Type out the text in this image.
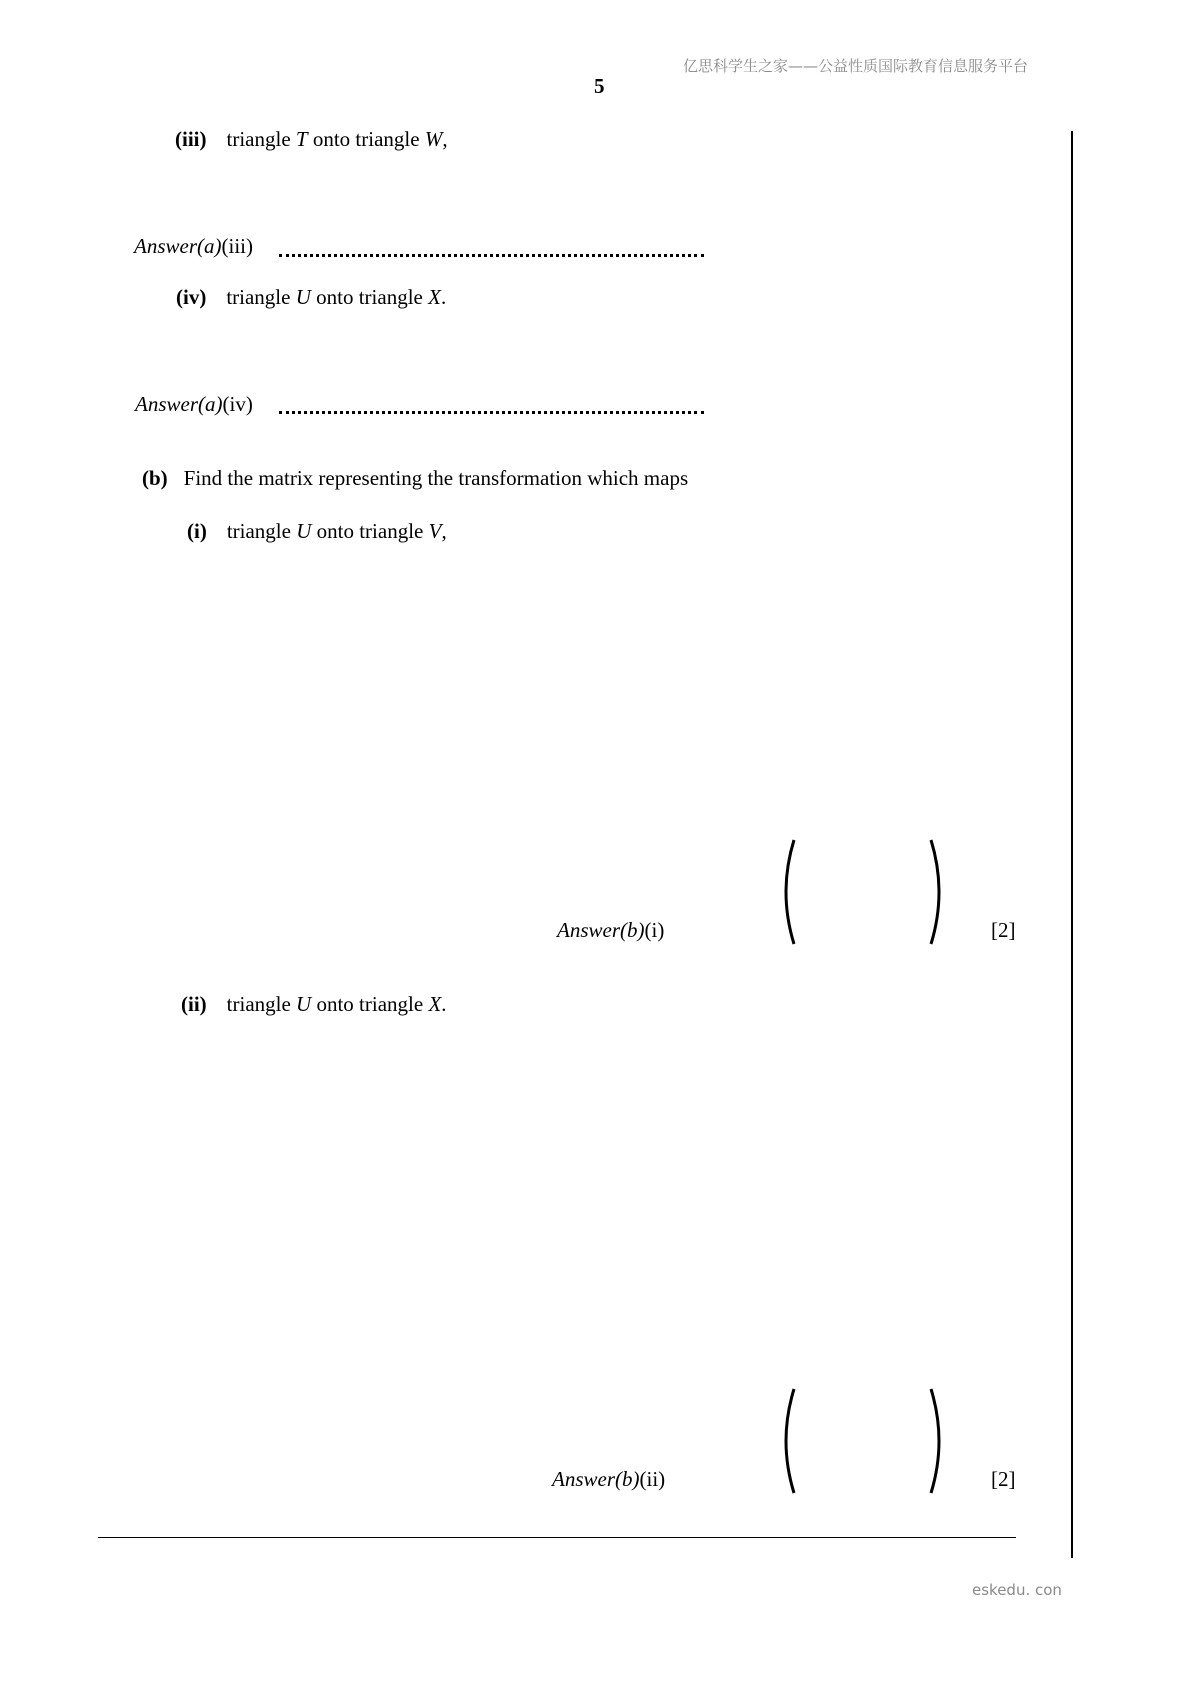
亿思科学生之家——公益性质国际教育信息服务平台
5
(iii) triangle T onto triangle W,
Answer(a)(iii)
(iv) triangle U onto triangle X.
Answer(a)(iv)
(b) Find the matrix representing the transformation which maps
(i) triangle U onto triangle V,
Answer(b)(i)	[2]
(ii) triangle U onto triangle X.
Answer(b)(ii)	[2]
eskedu. con
